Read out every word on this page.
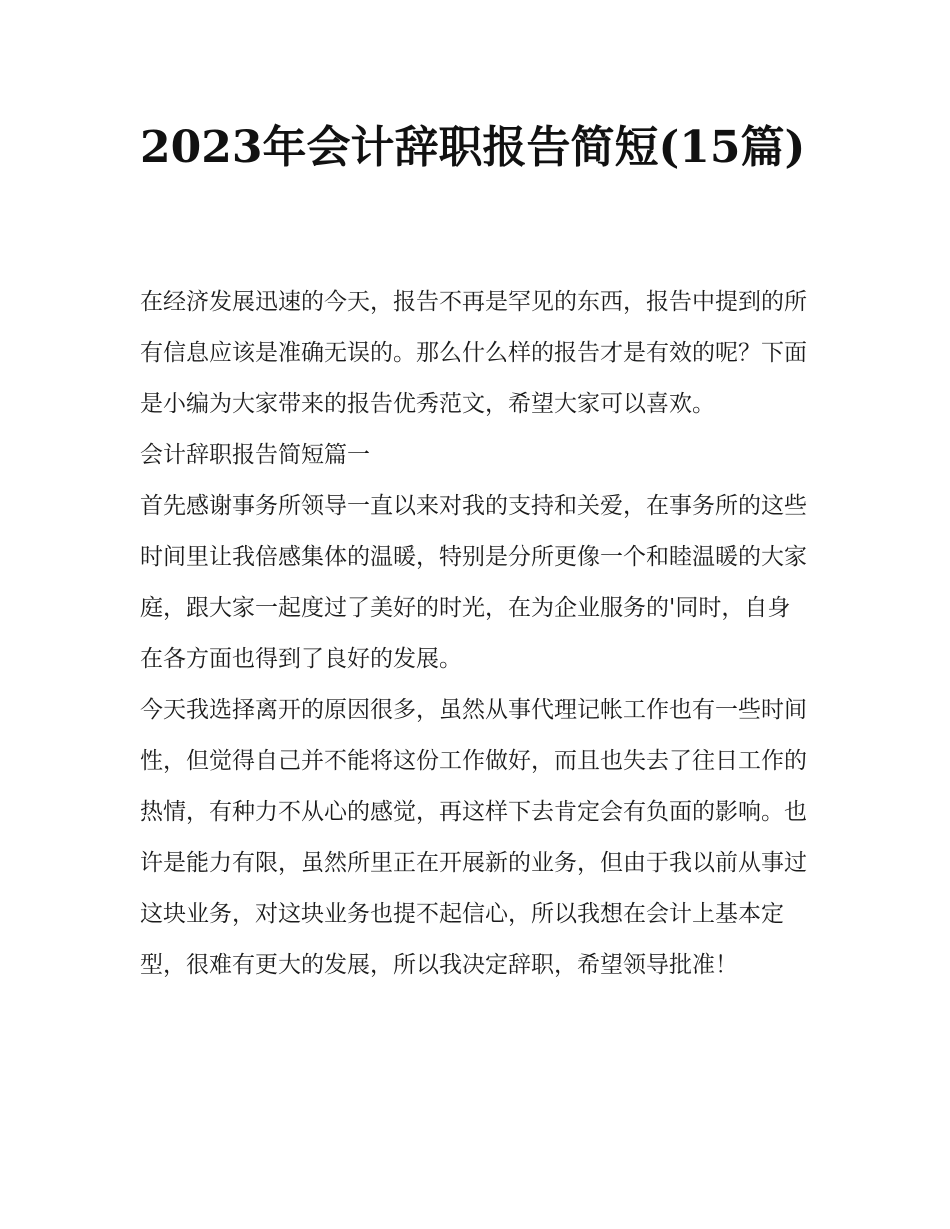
2023年会计辞职报告简短(15篇)

在经济发展迅速的今天，报告不再是罕见的东西，报告中提到的所有信息应该是准确无误的。那么什么样的报告才是有效的呢？下面是小编为大家带来的报告优秀范文，希望大家可以喜欢。

会计辞职报告简短篇一

首先感谢事务所领导一直以来对我的支持和关爱，在事务所的这些时间里让我倍感集体的温暖，特别是分所更像一个和睦温暖的大家庭，跟大家一起度过了美好的时光，在为企业服务的'同时，自身在各方面也得到了良好的发展。

今天我选择离开的原因很多，虽然从事代理记帐工作也有一些时间性，但觉得自己并不能将这份工作做好，而且也失去了往日工作的热情，有种力不从心的感觉，再这样下去肯定会有负面的影响。也许是能力有限，虽然所里正在开展新的业务，但由于我以前从事过这块业务，对这块业务也提不起信心，所以我想在会计上基本定型，很难有更大的发展，所以我决定辞职，希望领导批准！
